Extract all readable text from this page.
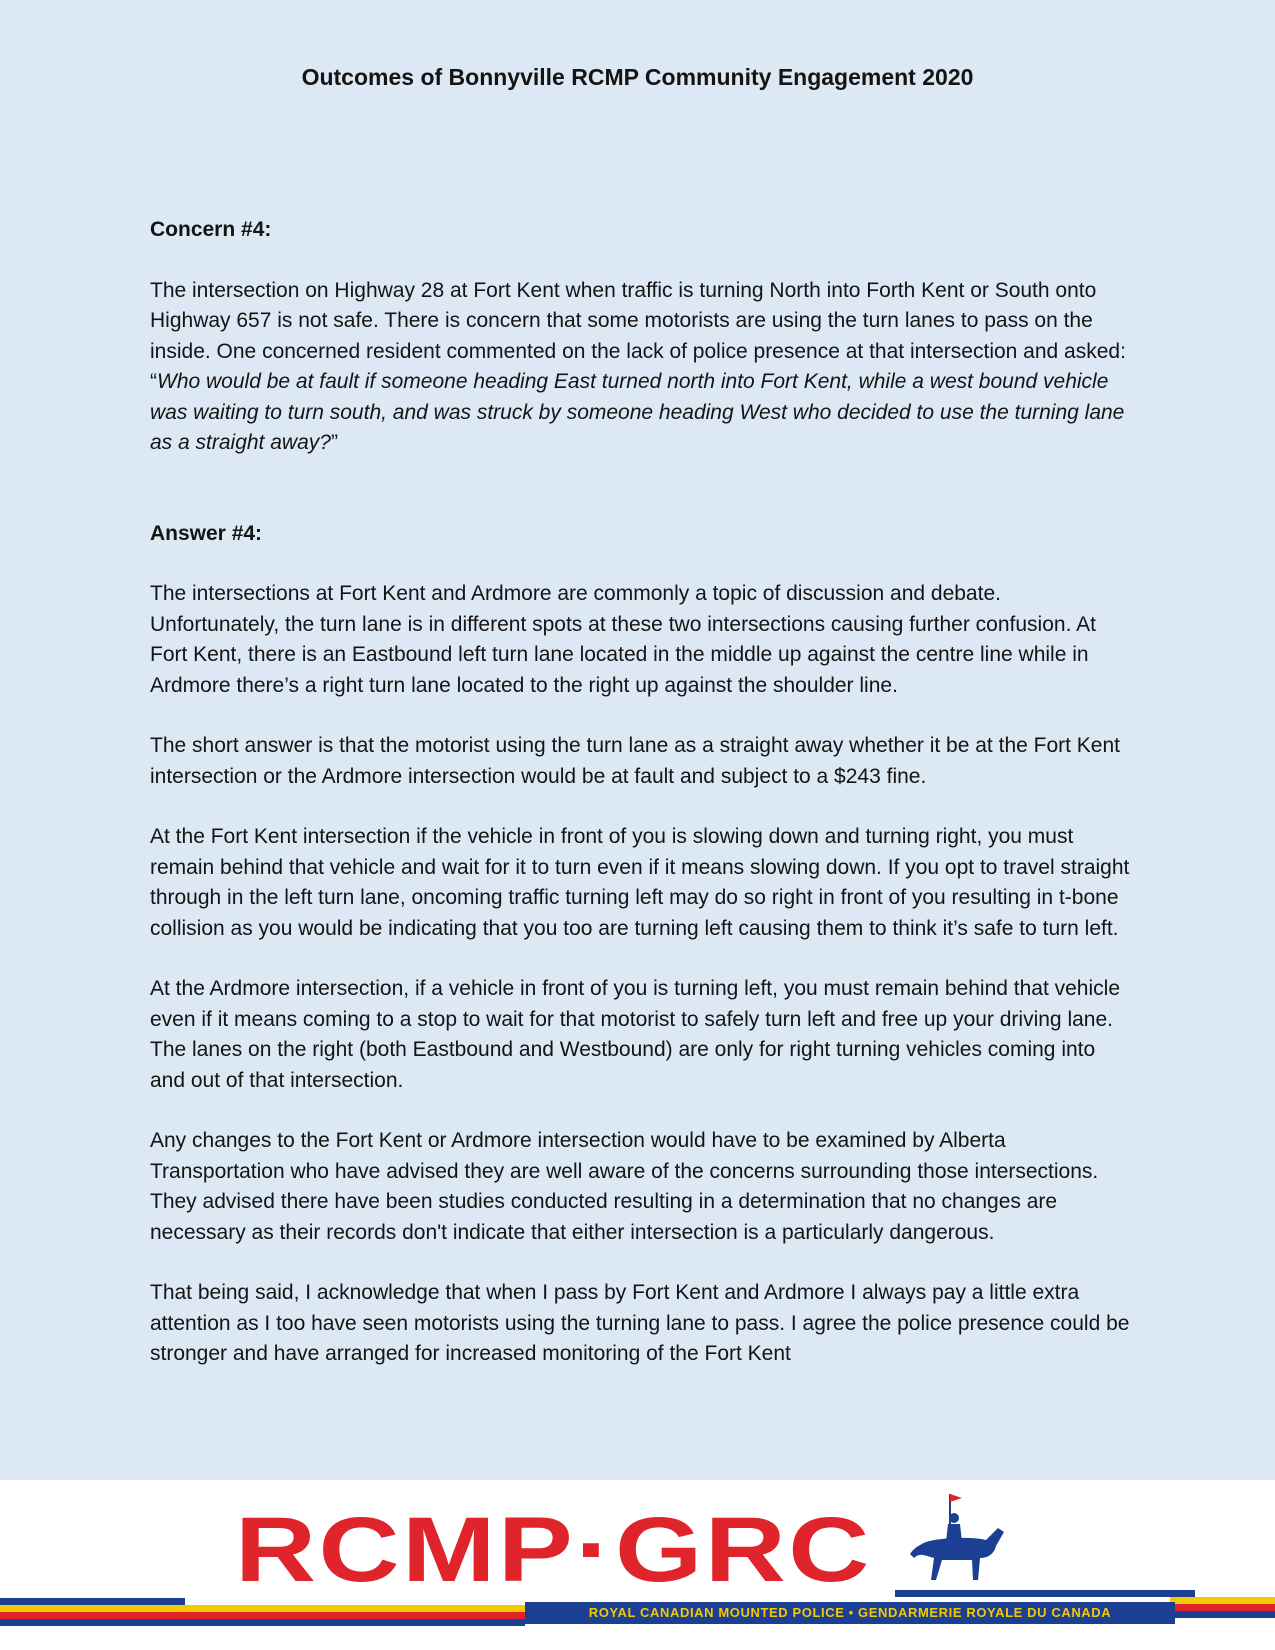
Outcomes of Bonnyville RCMP Community Engagement 2020

Concern #4:

The intersection on Highway 28 at Fort Kent when traffic is turning North into Forth Kent or South onto Highway 657 is not safe. There is concern that some motorists are using the turn lanes to pass on the inside. One concerned resident commented on the lack of police presence at that intersection and asked: “Who would be at fault if someone heading East turned north into Fort Kent, while a west bound vehicle was waiting to turn south, and was struck by someone heading West who decided to use the turning lane as a straight away?”

Answer #4:

The intersections at Fort Kent and Ardmore are commonly a topic of discussion and debate. Unfortunately, the turn lane is in different spots at these two intersections causing further confusion. At Fort Kent, there is an Eastbound left turn lane located in the middle up against the centre line while in Ardmore there’s a right turn lane located to the right up against the shoulder line.

The short answer is that the motorist using the turn lane as a straight away whether it be at the Fort Kent intersection or the Ardmore intersection would be at fault and subject to a $243 fine.

At the Fort Kent intersection if the vehicle in front of you is slowing down and turning right, you must remain behind that vehicle and wait for it to turn even if it means slowing down. If you opt to travel straight through in the left turn lane, oncoming traffic turning left may do so right in front of you resulting in t-bone collision as you would be indicating that you too are turning left causing them to think it’s safe to turn left.

At the Ardmore intersection, if a vehicle in front of you is turning left, you must remain behind that vehicle even if it means coming to a stop to wait for that motorist to safely turn left and free up your driving lane. The lanes on the right (both Eastbound and Westbound) are only for right turning vehicles coming into and out of that intersection.

Any changes to the Fort Kent or Ardmore intersection would have to be examined by Alberta Transportation who have advised they are well aware of the concerns surrounding those intersections. They advised there have been studies conducted resulting in a determination that no changes are necessary as their records don't indicate that either intersection is a particularly dangerous.

That being said, I acknowledge that when I pass by Fort Kent and Ardmore I always pay a little extra attention as I too have seen motorists using the turning lane to pass. I agree the police presence could be stronger and have arranged for increased monitoring of the Fort Kent

RCMP·GRC
ROYAL CANADIAN MOUNTED POLICE • GENDARMERIE ROYALE DU CANADA
